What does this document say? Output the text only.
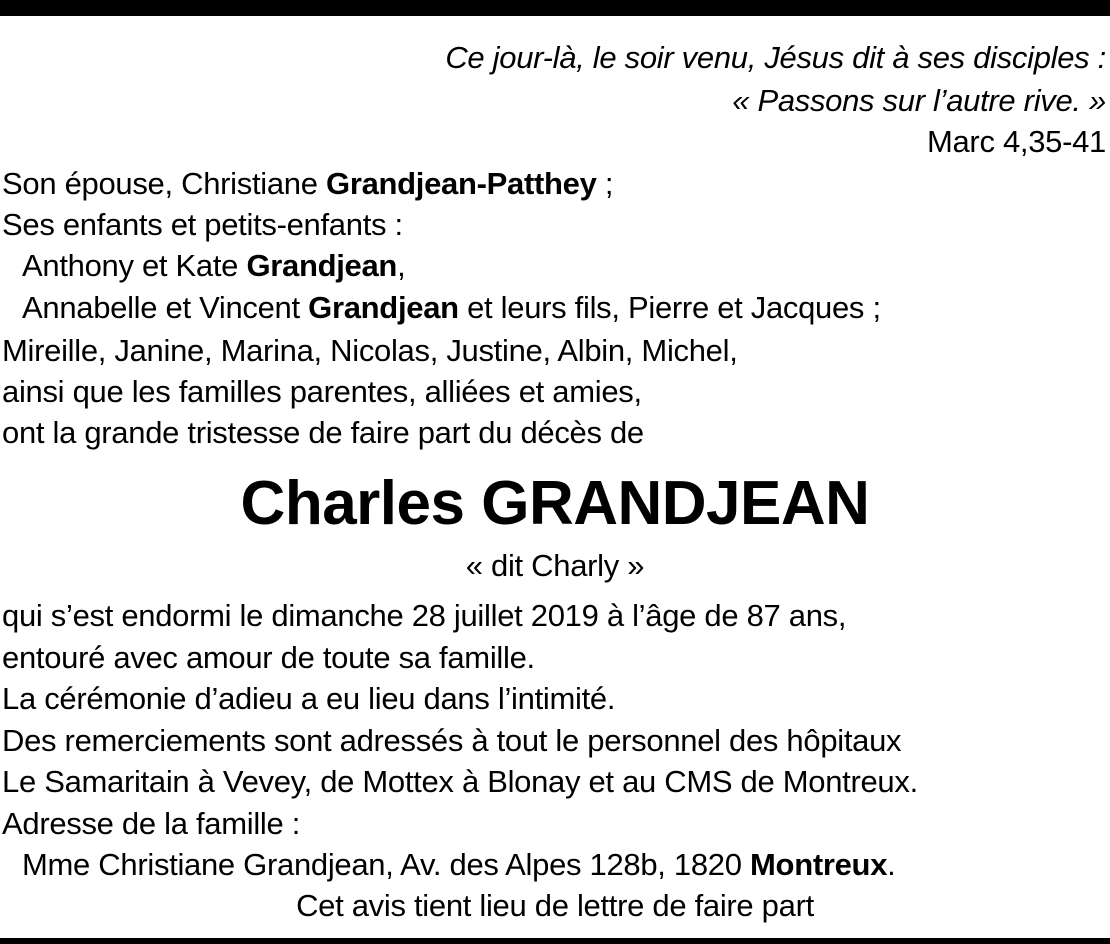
Ce jour-là, le soir venu, Jésus dit à ses disciples :
« Passons sur l’autre rive. »
Marc 4,35-41
Son épouse, Christiane Grandjean-Patthey ;
Ses enfants et petits-enfants :
Anthony et Kate Grandjean,
Annabelle et Vincent Grandjean et leurs fils, Pierre et Jacques ;
Mireille, Janine, Marina, Nicolas, Justine, Albin, Michel,
ainsi que les familles parentes, alliées et amies,
ont la grande tristesse de faire part du décès de
Charles GRANDJEAN
« dit Charly »
qui s’est endormi le dimanche 28 juillet 2019 à l’âge de 87 ans,
entouré avec amour de toute sa famille.
La cérémonie d’adieu a eu lieu dans l’intimité.
Des remerciements sont adressés à tout le personnel des hôpitaux
Le Samaritain à Vevey, de Mottex à Blonay et au CMS de Montreux.
Adresse de la famille :
Mme Christiane Grandjean, Av. des Alpes 128b, 1820 Montreux.
Cet avis tient lieu de lettre de faire part
